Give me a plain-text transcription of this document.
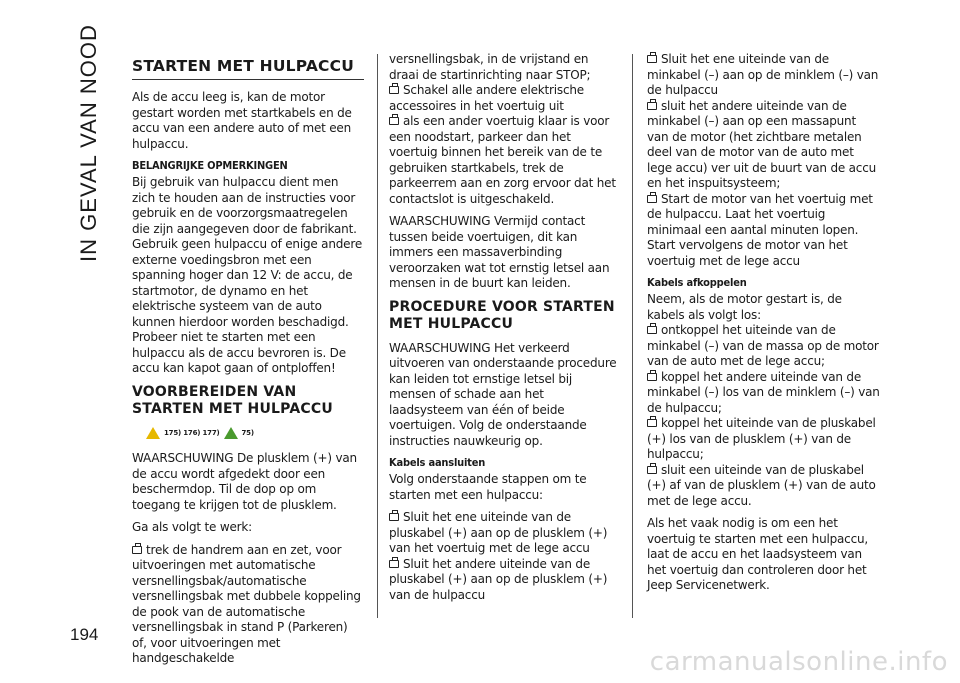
IN GEVAL VAN NOOD
194
STARTEN MET HULPACCU

Als de accu leeg is, kan de motor gestart worden met startkabels en de accu van een andere auto of met een hulpaccu.

BELANGRIJKE OPMERKINGEN

Bij gebruik van hulpaccu dient men zich te houden aan de instructies voor gebruik en de voorzorgsmaatregelen die zijn aangegeven door de fabrikant.

Gebruik geen hulpaccu of enige andere externe voedingsbron met een spanning hoger dan 12 V: de accu, de startmotor, de dynamo en het elektrische systeem van de auto kunnen hierdoor worden beschadigd.

Probeer niet te starten met een hulpaccu als de accu bevroren is. De accu kan kapot gaan of ontploffen!

VOORBEREIDEN VAN STARTEN MET HULPACCU
175) 176) 177)	75)

WAARSCHUWING De plusklem (+) van de accu wordt afgedekt door een beschermdop. Til de dop op om toegang te krijgen tot de plusklem.

Ga als volgt te werk:

trek de handrem aan en zet, voor uitvoeringen met automatische versnellingsbak/automatische versnellingsbak met dubbele koppeling de pook van de automatische versnellingsbak in stand P (Parkeren) of, voor uitvoeringen met handgeschakelde

versnellingsbak, in de vrijstand en draai de startinrichting naar STOP;

Schakel alle andere elektrische accessoires in het voertuig uit

als een ander voertuig klaar is voor een noodstart, parkeer dan het voertuig binnen het bereik van de te gebruiken startkabels, trek de parkeerrem aan en zorg ervoor dat het contactslot is uitgeschakeld.

WAARSCHUWING Vermijd contact tussen beide voertuigen, dit kan immers een massaverbinding veroorzaken wat tot ernstig letsel aan mensen in de buurt kan leiden.

PROCEDURE VOOR STARTEN MET HULPACCU

WAARSCHUWING Het verkeerd uitvoeren van onderstaande procedure kan leiden tot ernstige letsel bij mensen of schade aan het laadsysteem van één of beide voertuigen. Volg de onderstaande instructies nauwkeurig op.

Kabels aansluiten

Volg onderstaande stappen om te starten met een hulpaccu:

Sluit het ene uiteinde van de pluskabel (+) aan op de plusklem (+) van het voertuig met de lege accu

Sluit het andere uiteinde van de pluskabel (+) aan op de plusklem (+) van de hulpaccu

Sluit het ene uiteinde van de minkabel (–) aan op de minklem (–) van de hulpaccu

sluit het andere uiteinde van de minkabel (–) aan op een massapunt van de motor (het zichtbare metalen deel van de motor van de auto met lege accu) ver uit de buurt van de accu en het inspuitsysteem;

Start de motor van het voertuig met de hulpaccu. Laat het voertuig minimaal een aantal minuten lopen. Start vervolgens de motor van het voertuig met de lege accu

Kabels afkoppelen

Neem, als de motor gestart is, de kabels als volgt los:

ontkoppel het uiteinde van de minkabel (–) van de massa op de motor van de auto met de lege accu;

koppel het andere uiteinde van de minkabel (–) los van de minklem (–) van de hulpaccu;

koppel het uiteinde van de pluskabel (+) los van de plusklem (+) van de hulpaccu;

sluit een uiteinde van de pluskabel (+) af van de plusklem (+) van de auto met de lege accu.

Als het vaak nodig is om een het voertuig te starten met een hulpaccu, laat de accu en het laadsysteem van het voertuig dan controleren door het Jeep Servicenetwerk.

carmanualsonline.info
